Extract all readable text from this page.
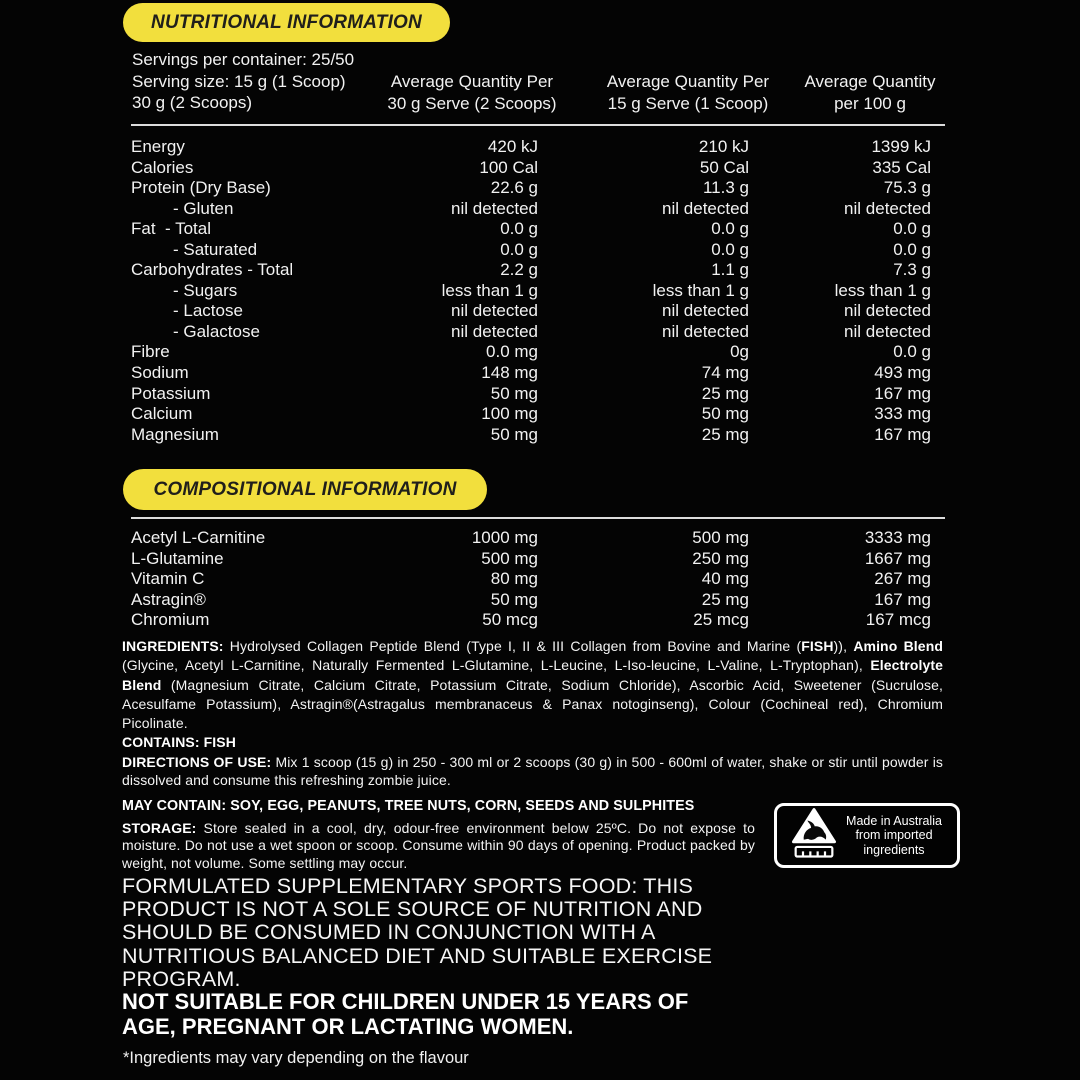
NUTRITIONAL INFORMATION
Servings per container: 25/50
Serving size: 15 g (1 Scoop)
30 g (2 Scoops)
Average Quantity Per
30 g Serve (2 Scoops)
Average Quantity Per
15 g Serve (1 Scoop)
Average Quantity
per 100 g
Energy	420 kJ	210 kJ	1399 kJ
Calories	100 Cal	50 Cal	335 Cal
Protein (Dry Base)	22.6 g	11.3 g	75.3 g
- Gluten	nil detected	nil detected	nil detected
Fat  - Total	0.0 g	0.0 g	0.0 g
- Saturated	0.0 g	0.0 g	0.0 g
Carbohydrates - Total	2.2 g	1.1 g	7.3 g
- Sugars	less than 1 g	less than 1 g	less than 1 g
- Lactose	nil detected	nil detected	nil detected
- Galactose	nil detected	nil detected	nil detected
Fibre	0.0 mg	0g	0.0 g
Sodium	148 mg	74 mg	493 mg
Potassium	50 mg	25 mg	167 mg
Calcium	100 mg	50 mg	333 mg
Magnesium	50 mg	25 mg	167 mg
COMPOSITIONAL INFORMATION
Acetyl L-Carnitine	1000 mg	500 mg	3333 mg
L-Glutamine	500 mg	250 mg	1667 mg
Vitamin C	80 mg	40 mg	267 mg
Astragin®	50 mg	25 mg	167 mg
Chromium	50 mcg	25 mcg	167 mcg
INGREDIENTS: Hydrolysed Collagen Peptide Blend (Type I, II & III Collagen from Bovine and Marine (FISH)), Amino Blend (Glycine, Acetyl L-Carnitine, Naturally Fermented L-Glutamine, L-Leucine, L-Iso-leucine, L-Valine, L-Tryptophan), Electrolyte Blend (Magnesium Citrate, Calcium Citrate, Potassium Citrate, Sodium Chloride), Ascorbic Acid, Sweetener (Sucrulose, Acesulfame Potassium), Astragin®(Astragalus membranaceus & Panax notoginseng), Colour (Cochineal red), Chromium Picolinate.
CONTAINS: FISH
DIRECTIONS OF USE: Mix 1 scoop (15 g) in 250 - 300 ml or 2 scoops (30 g) in 500 - 600ml of water, shake or stir until powder is dissolved and consume this refreshing zombie juice.
MAY CONTAIN: SOY, EGG, PEANUTS, TREE NUTS, CORN, SEEDS AND SULPHITES
STORAGE: Store sealed in a cool, dry, odour-free environment below 25ºC. Do not expose to moisture. Do not use a wet spoon or scoop. Consume within 90 days of opening. Product packed by weight, not volume. Some settling may occur.
Made in Australia
from imported
ingredients
FORMULATED SUPPLEMENTARY SPORTS FOOD: THIS
PRODUCT IS NOT A SOLE SOURCE OF NUTRITION AND
SHOULD BE CONSUMED IN CONJUNCTION WITH A
NUTRITIOUS BALANCED DIET AND SUITABLE EXERCISE
PROGRAM.
NOT SUITABLE FOR CHILDREN UNDER 15 YEARS OF
AGE, PREGNANT OR LACTATING WOMEN.
*Ingredients may vary depending on the flavour
